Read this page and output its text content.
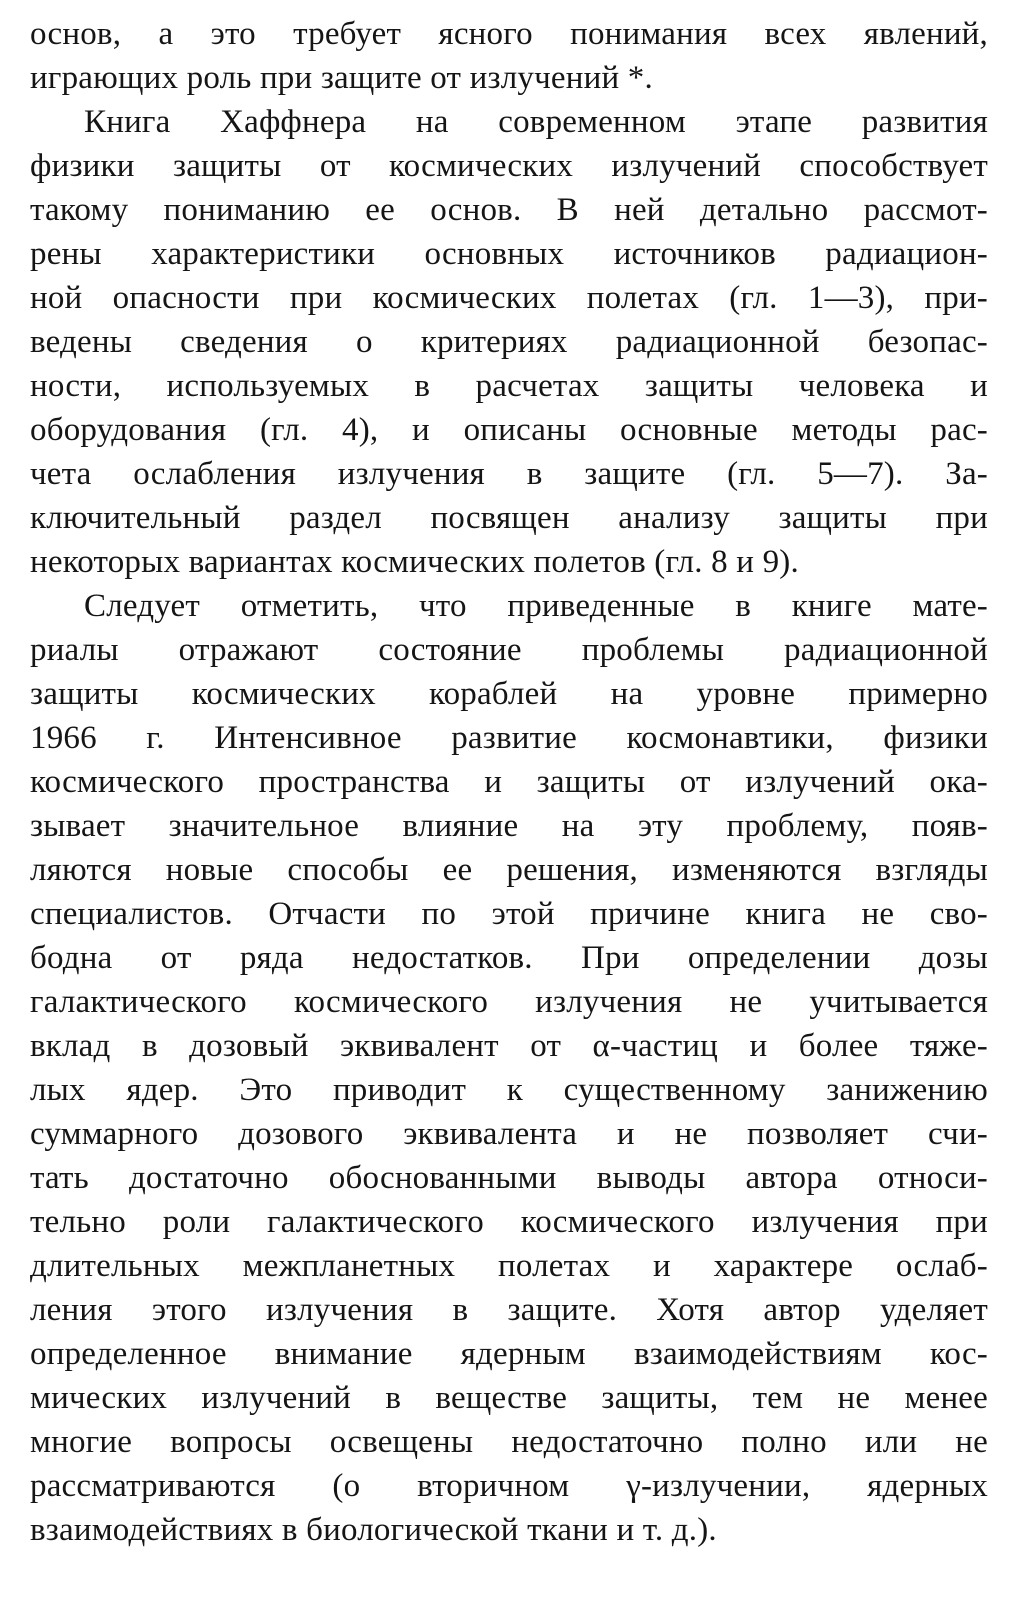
основ, а это требует ясного понимания всех явлений,
играющих роль при защите от излучений *.
Книга Хаффнера на современном этапе развития
физики защиты от космических излучений способствует
такому пониманию ее основ. В ней детально рассмот-
рены характеристики основных источников радиацион-
ной опасности при космических полетах (гл. 1—3), при-
ведены сведения о критериях радиационной безопас-
ности, используемых в расчетах защиты человека и
оборудования (гл. 4), и описаны основные методы рас-
чета ослабления излучения в защите (гл. 5—7). За-
ключительный раздел посвящен анализу защиты при
некоторых вариантах космических полетов (гл. 8 и 9).
Следует отметить, что приведенные в книге мате-
риалы отражают состояние проблемы радиационной
защиты космических кораблей на уровне примерно
1966 г. Интенсивное развитие космонавтики, физики
космического пространства и защиты от излучений ока-
зывает значительное влияние на эту проблему, появ-
ляются новые способы ее решения, изменяются взгляды
специалистов. Отчасти по этой причине книга не сво-
бодна от ряда недостатков. При определении дозы
галактического космического излучения не учитывается
вклад в дозовый эквивалент от α-частиц и более тяже-
лых ядер. Это приводит к существенному занижению
суммарного дозового эквивалента и не позволяет счи-
тать достаточно обоснованными выводы автора относи-
тельно роли галактического космического излучения при
длительных межпланетных полетах и характере ослаб-
ления этого излучения в защите. Хотя автор уделяет
определенное внимание ядерным взаимодействиям кос-
мических излучений в веществе защиты, тем не менее
многие вопросы освещены недостаточно полно или не
рассматриваются (о вторичном γ-излучении, ядерных
взаимодействиях в биологической ткани и т. д.).
